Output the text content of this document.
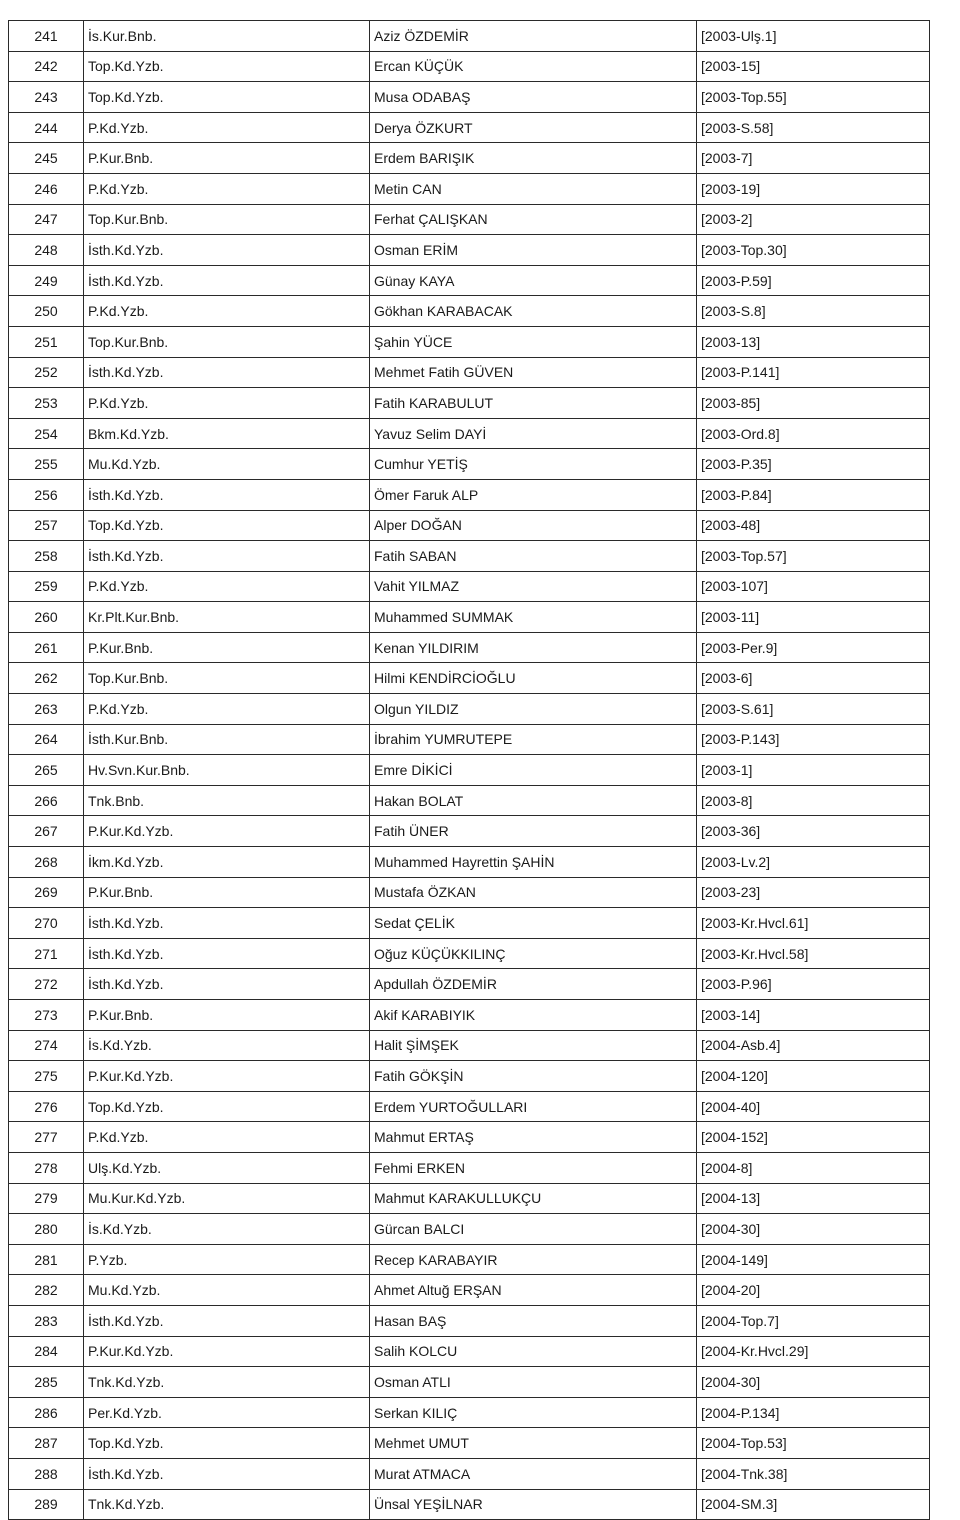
241	İs.Kur.Bnb.	Aziz ÖZDEMİR	[2003-Ulş.1]
242	Top.Kd.Yzb.	Ercan KÜÇÜK	[2003-15]
243	Top.Kd.Yzb.	Musa ODABAŞ	[2003-Top.55]
244	P.Kd.Yzb.	Derya ÖZKURT	[2003-S.58]
245	P.Kur.Bnb.	Erdem BARIŞIK	[2003-7]
246	P.Kd.Yzb.	Metin CAN	[2003-19]
247	Top.Kur.Bnb.	Ferhat ÇALIŞKAN	[2003-2]
248	İsth.Kd.Yzb.	Osman ERİM	[2003-Top.30]
249	İsth.Kd.Yzb.	Günay KAYA	[2003-P.59]
250	P.Kd.Yzb.	Gökhan KARABACAK	[2003-S.8]
251	Top.Kur.Bnb.	Şahin YÜCE	[2003-13]
252	İsth.Kd.Yzb.	Mehmet Fatih GÜVEN	[2003-P.141]
253	P.Kd.Yzb.	Fatih KARABULUT	[2003-85]
254	Bkm.Kd.Yzb.	Yavuz Selim DAYİ	[2003-Ord.8]
255	Mu.Kd.Yzb.	Cumhur YETİŞ	[2003-P.35]
256	İsth.Kd.Yzb.	Ömer Faruk ALP	[2003-P.84]
257	Top.Kd.Yzb.	Alper DOĞAN	[2003-48]
258	İsth.Kd.Yzb.	Fatih SABAN	[2003-Top.57]
259	P.Kd.Yzb.	Vahit YILMAZ	[2003-107]
260	Kr.Plt.Kur.Bnb.	Muhammed SUMMAK	[2003-11]
261	P.Kur.Bnb.	Kenan YILDIRIM	[2003-Per.9]
262	Top.Kur.Bnb.	Hilmi KENDİRCİOĞLU	[2003-6]
263	P.Kd.Yzb.	Olgun YILDIZ	[2003-S.61]
264	İsth.Kur.Bnb.	İbrahim YUMRUTEPE	[2003-P.143]
265	Hv.Svn.Kur.Bnb.	Emre DİKİCİ	[2003-1]
266	Tnk.Bnb.	Hakan BOLAT	[2003-8]
267	P.Kur.Kd.Yzb.	Fatih ÜNER	[2003-36]
268	İkm.Kd.Yzb.	Muhammed Hayrettin ŞAHİN	[2003-Lv.2]
269	P.Kur.Bnb.	Mustafa ÖZKAN	[2003-23]
270	İsth.Kd.Yzb.	Sedat ÇELİK	[2003-Kr.Hvcl.61]
271	İsth.Kd.Yzb.	Oğuz KÜÇÜKKILINÇ	[2003-Kr.Hvcl.58]
272	İsth.Kd.Yzb.	Apdullah ÖZDEMİR	[2003-P.96]
273	P.Kur.Bnb.	Akif KARABIYIK	[2003-14]
274	İs.Kd.Yzb.	Halit ŞİMŞEK	[2004-Asb.4]
275	P.Kur.Kd.Yzb.	Fatih GÖKŞİN	[2004-120]
276	Top.Kd.Yzb.	Erdem YURTOĞULLARI	[2004-40]
277	P.Kd.Yzb.	Mahmut ERTAŞ	[2004-152]
278	Ulş.Kd.Yzb.	Fehmi ERKEN	[2004-8]
279	Mu.Kur.Kd.Yzb.	Mahmut KARAKULLUKÇU	[2004-13]
280	İs.Kd.Yzb.	Gürcan BALCI	[2004-30]
281	P.Yzb.	Recep KARABAYIR	[2004-149]
282	Mu.Kd.Yzb.	Ahmet Altuğ ERŞAN	[2004-20]
283	İsth.Kd.Yzb.	Hasan BAŞ	[2004-Top.7]
284	P.Kur.Kd.Yzb.	Salih KOLCU	[2004-Kr.Hvcl.29]
285	Tnk.Kd.Yzb.	Osman ATLI	[2004-30]
286	Per.Kd.Yzb.	Serkan KILIÇ	[2004-P.134]
287	Top.Kd.Yzb.	Mehmet UMUT	[2004-Top.53]
288	İsth.Kd.Yzb.	Murat ATMACA	[2004-Tnk.38]
289	Tnk.Kd.Yzb.	Ünsal YEŞİLNAR	[2004-SM.3]
